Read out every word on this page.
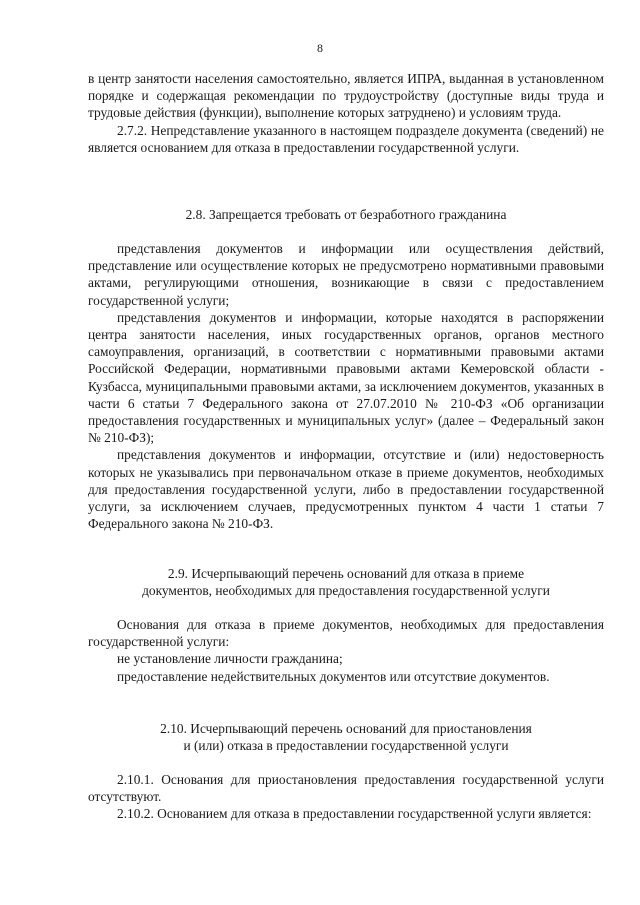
8

в центр занятости населения самостоятельно, является ИПРА, выданная в установленном порядке и содержащая рекомендации по трудоустройству (доступные виды труда и трудовые действия (функции), выполнение которых затруднено) и условиям труда.

2.7.2. Непредставление указанного в настоящем подразделе документа (сведений) не является основанием для отказа в предоставлении государственной услуги.

2.8. Запрещается требовать от безработного гражданина

представления документов и информации или осуществления действий, представление или осуществление которых не предусмотрено нормативными правовыми актами, регулирующими отношения, возникающие в связи с предоставлением государственной услуги;

представления документов и информации, которые находятся в распоряжении центра занятости населения, иных государственных органов, органов местного самоуправления, организаций, в соответствии с нормативными правовыми актами Российской Федерации, нормативными правовыми актами Кемеровской области - Кузбасса, муниципальными правовыми актами, за исключением документов, указанных в части 6 статьи 7 Федерального закона от 27.07.2010 № 210-ФЗ «Об организации предоставления государственных и муниципальных услуг» (далее – Федеральный закон № 210-ФЗ);

представления документов и информации, отсутствие и (или) недостоверность которых не указывались при первоначальном отказе в приеме документов, необходимых для предоставления государственной услуги, либо в предоставлении государственной услуги, за исключением случаев, предусмотренных пунктом 4 части 1 статьи 7 Федерального закона № 210-ФЗ.

2.9. Исчерпывающий перечень оснований для отказа в приеме

документов, необходимых для предоставления государственной услуги

Основания для отказа в приеме документов, необходимых для предоставления государственной услуги:

не установление личности гражданина;

предоставление недействительных документов или отсутствие документов.

2.10. Исчерпывающий перечень оснований для приостановления

и (или) отказа в предоставлении государственной услуги

2.10.1. Основания для приостановления предоставления государственной услуги отсутствуют.

2.10.2. Основанием для отказа в предоставлении государственной услуги является:
